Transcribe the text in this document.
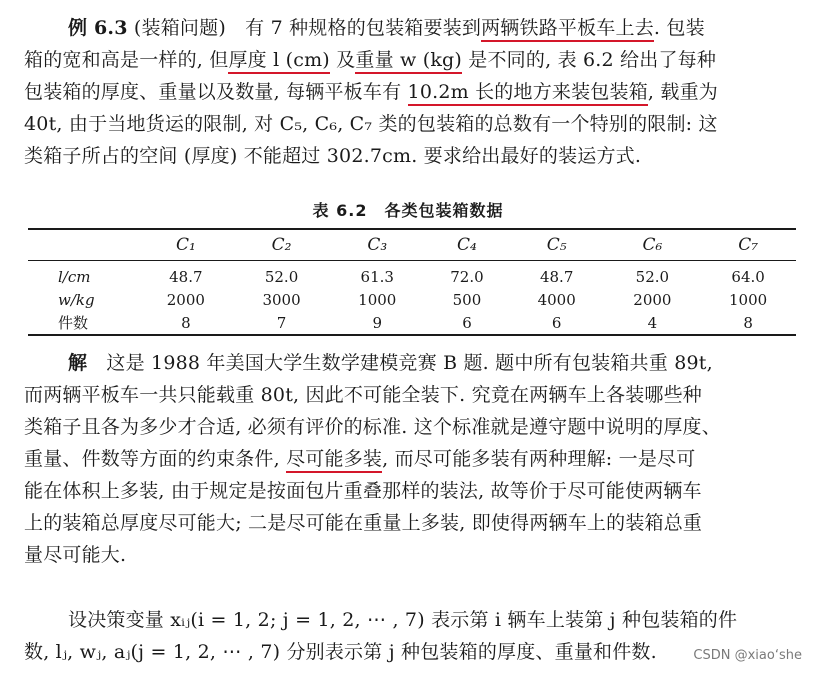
例 6.3 (装箱问题)　有 7 种规格的包装箱要装到两辆铁路平板车上去. 包装
箱的宽和高是一样的, 但厚度 l (cm) 及重量 w (kg) 是不同的, 表 6.2 给出了每种
包装箱的厚度、重量以及数量, 每辆平板车有 10.2m 长的地方来装包装箱, 载重为
40t, 由于当地货运的限制, 对 C₅, C₆, C₇ 类的包装箱的总数有一个特别的限制: 这
类箱子所占的空间 (厚度) 不能超过 302.7cm. 要求给出最好的装运方式.
表 6.2　各类包装箱数据
	C₁	C₂	C₃	C₄	C₅	C₆	C₇
l/cm	48.7	52.0	61.3	72.0	48.7	52.0	64.0
w/kg	2000	3000	1000	500	4000	2000	1000
件数	8	7	9	6	6	4	8
解　这是 1988 年美国大学生数学建模竞赛 B 题. 题中所有包装箱共重 89t,
而两辆平板车一共只能载重 80t, 因此不可能全装下. 究竟在两辆车上各装哪些种
类箱子且各为多少才合适, 必须有评价的标准. 这个标准就是遵守题中说明的厚度、
重量、件数等方面的约束条件, 尽可能多装, 而尽可能多装有两种理解: 一是尽可
能在体积上多装, 由于规定是按面包片重叠那样的装法, 故等价于尽可能使两辆车
上的装箱总厚度尽可能大; 二是尽可能在重量上多装, 即使得两辆车上的装箱总重
量尽可能大.
设决策变量 xᵢⱼ(i = 1, 2; j = 1, 2, ⋯ , 7) 表示第 i 辆车上装第 j 种包装箱的件
数, lⱼ, wⱼ, aⱼ(j = 1, 2, ⋯ , 7) 分别表示第 j 种包装箱的厚度、重量和件数.	CSDN @xiao‘she
